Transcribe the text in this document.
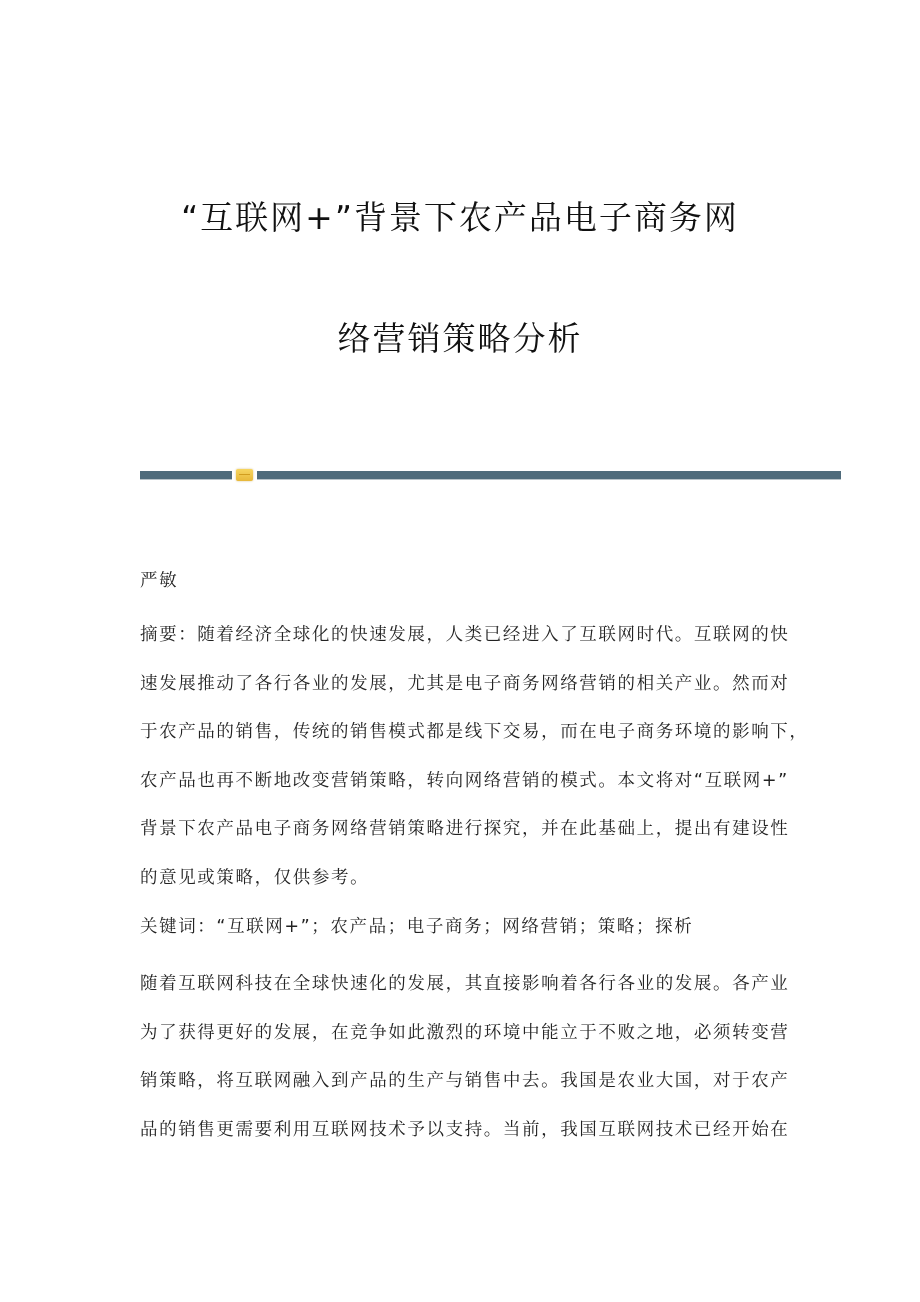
“互联网+”背景下农产品电子商务网
络营销策略分析

严敏

摘要：随着经济全球化的快速发展，人类已经进入了互联网时代。互联网的快
速发展推动了各行各业的发展，尤其是电子商务网络营销的相关产业。然而对
于农产品的销售，传统的销售模式都是线下交易，而在电子商务环境的影响下，
农产品也再不断地改变营销策略，转向网络营销的模式。本文将对“互联网+”
背景下农产品电子商务网络营销策略进行探究，并在此基础上，提出有建设性
的意见或策略，仅供参考。

关键词：“互联网+”；农产品；电子商务；网络营销；策略；探析

随着互联网科技在全球快速化的发展，其直接影响着各行各业的发展。各产业
为了获得更好的发展，在竞争如此激烈的环境中能立于不败之地，必须转变营
销策略，将互联网融入到产品的生产与销售中去。我国是农业大国，对于农产
品的销售更需要利用互联网技术予以支持。当前，我国互联网技术已经开始在
